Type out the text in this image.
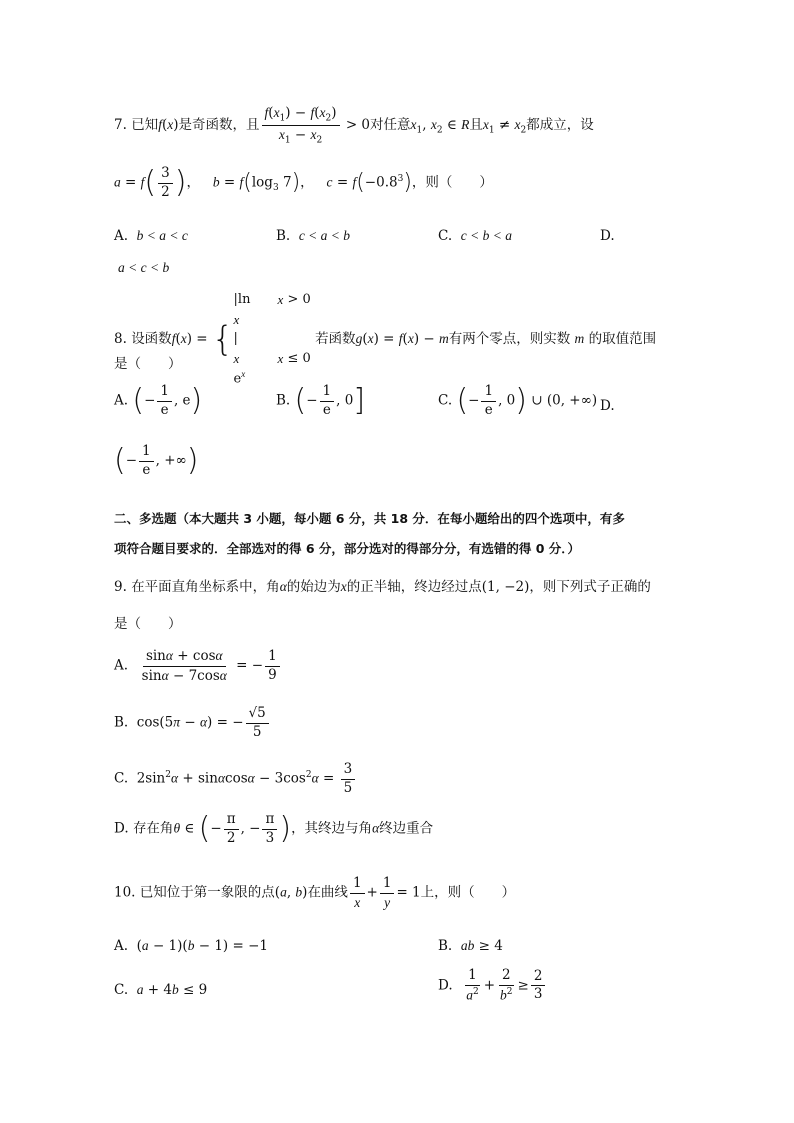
7. 已知f(x)是奇函数，且 $\frac{f(x_1) - f(x_2)}{x_1 - x_2} > 0$对任意$x_1$, $x_2$ ∈ R且$x_1 \ne x_2$都成立，设
$a = f( \frac{3}{2}$ )， $b = f(\log_3$ 7)， $c = f(-0.8^3)$，则（　　）
A. b < a < c	B. c < a < b	C. c < b < a	D.
a < c < b
8. 设函数f(x) = {
|ln
x
|
x > 0
x
$e^x$
x ≤ 0
若函数g(x) = f(x) − m有两个零点，则实数 m 的取值范围
是（　　）
A. (− $\frac{1}{e}$ , e)	B. (− $\frac{1}{e}$ , 0]	C. (− $\frac{1}{e}$ , 0) ∪ (0, +∞) D.
(− $\frac{1}{e}$ , +∞)
二、多选题（本大题共 3 小题，每小题 6 分，共 18 分．在每小题给出的四个选项中，有多
项符合题目要求的．全部选对的得 6 分，部分选对的得部分分，有选错的得 0 分．）
9. 在平面直角坐标系中，角α的始边为x的正半轴，终边经过点(1, −2)，则下列式子正确的
是（　　）
A. $\frac{\sin\alpha + \cos\alpha}{\sin\alpha - 7\cos\alpha}$ = − $\frac{1}{9}$
B.  cos(5π − α) = − $\frac{√5}{5}$
C.  $2\sin^2\alpha + \sin\alpha\cos\alpha - 3\cos^2\alpha = \frac{3}{5}$
D. 存在角θ ∈ (− $\frac{\pi}{2}$ , − $\frac{\pi}{3}$ )，其终边与角α终边重合
10. 已知位于第一象限的点(a, b)在曲线 $\frac{1}{x} + \frac{1}{y} = 1$上，则（　　）
A.  (a − 1)(b − 1) = −1	B. ab ≥ 4
C. a + 4b ≤ 9	D. $\frac{1}{a^2} + \frac{2}{b^2} \ge \frac{2}{3}$
